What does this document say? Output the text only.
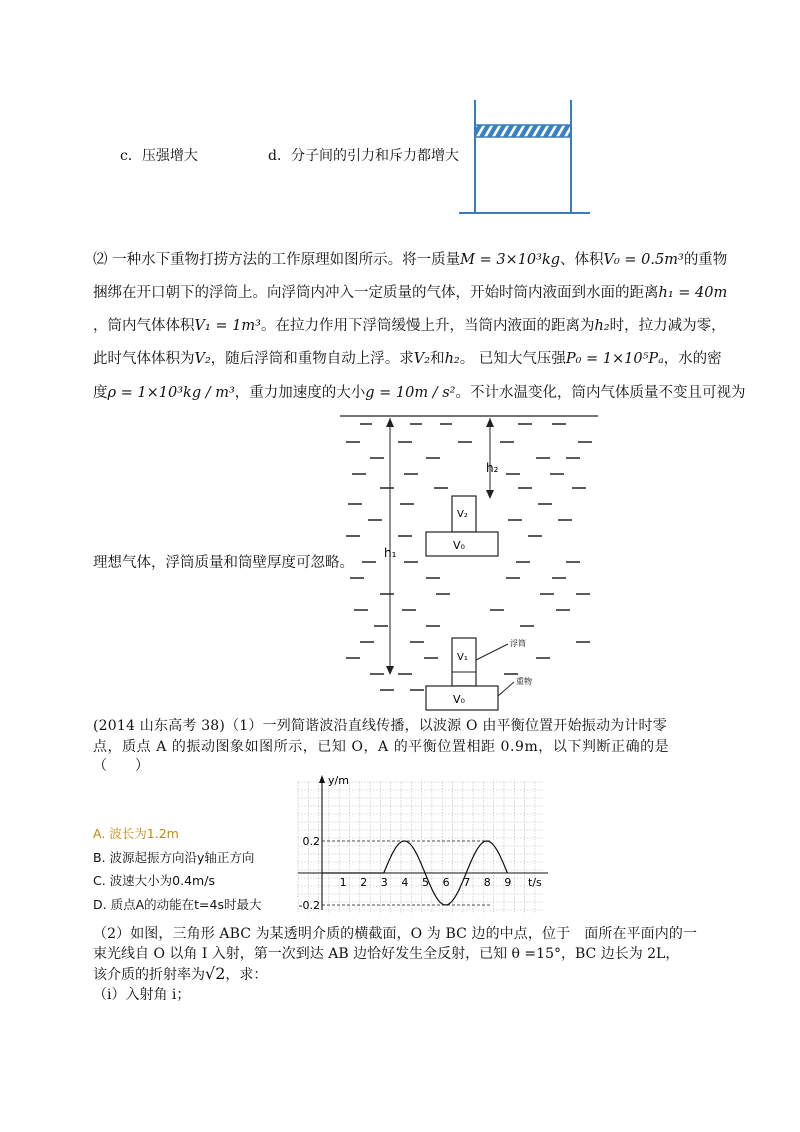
c．压强增大	d．分子间的引力和斥力都增大
⑵ 一种水下重物打捞方法的工作原理如图所示。将一质量M = 3×10³kg、体积V₀ = 0.5m³的重物
捆绑在开口朝下的浮筒上。向浮筒内冲入一定质量的气体，开始时筒内液面到水面的距离h₁ = 40m
，筒内气体体积V₁ = 1m³。在拉力作用下浮筒缓慢上升，当筒内液面的距离为h₂时，拉力减为零，
此时气体体积为V₂，随后浮筒和重物自动上浮。求V₂和h₂。 已知大气压强P₀ = 1×10⁵Pₐ，水的密
度ρ = 1×10³kg / m³，重力加速度的大小g = 10m / s²。不计水温变化，筒内气体质量不变且可视为
理想气体，浮筒质量和筒壁厚度可忽略。
h₂
h₁
V₂
V₀
V₁
V₀
浮筒
重物
(2014 山东高考 38)（1）一列简谐波沿直线传播，以波源 O 由平衡位置开始振动为计时零
点，质点 A 的振动图象如图所示，已知 O，A 的平衡位置相距 0.9m，以下判断正确的是
（　　）
A. 波长为1.2m
B. 波源起振方向沿y轴正方向
C. 波速大小为0.4m/s
D. 质点A的动能在t=4s时最大
y/m
t/s
1 2 3 4 5 6 7 8 9
0.2
-0.2
（2）如图，三角形 ABC 为某透明介质的横截面，O 为 BC 边的中点，位于　面所在平面内的一
束光线自 O 以角 I 入射，第一次到达 AB 边恰好发生全反射，已知 θ =15°，BC 边长为 2L，
该介质的折射率为√2，求：
（i）入射角 i；
